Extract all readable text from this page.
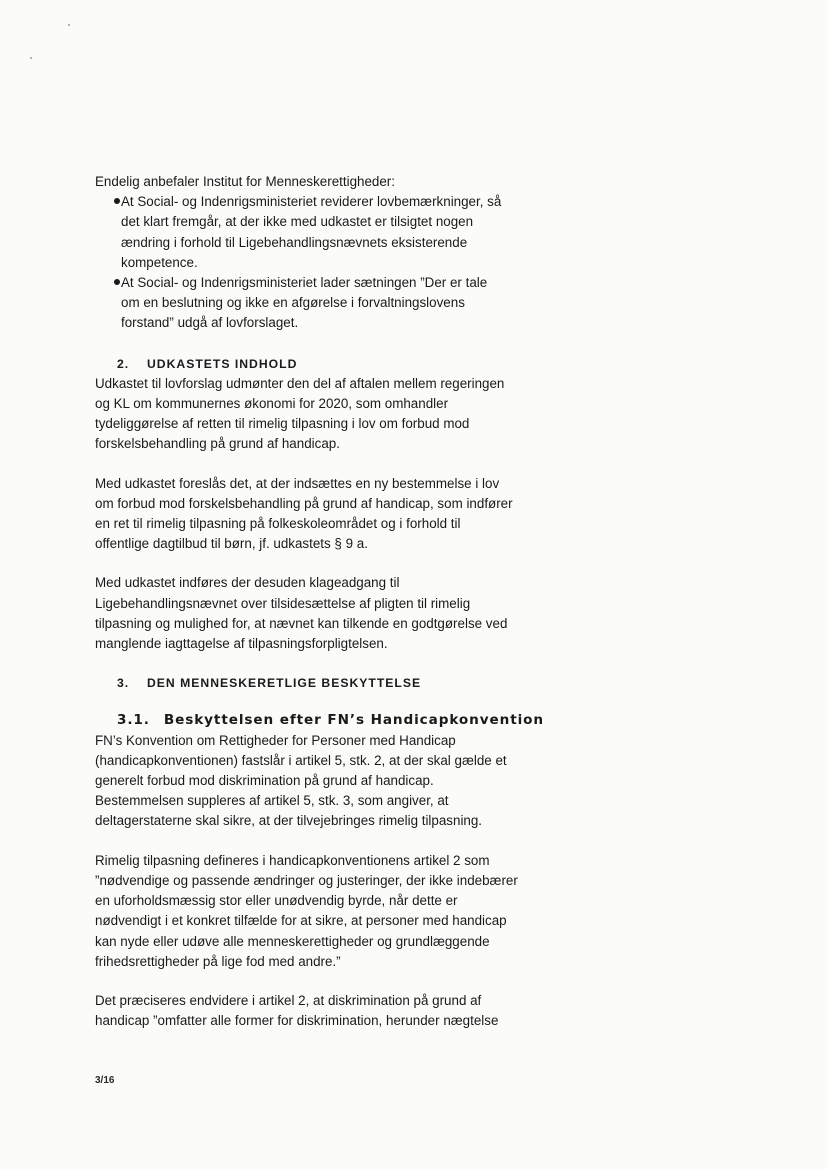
Endelig anbefaler Institut for Menneskerettigheder:

At Social- og Indenrigsministeriet reviderer lovbemærkninger, så
det klart fremgår, at der ikke med udkastet er tilsigtet nogen
ændring i forhold til Ligebehandlingsnævnets eksisterende
kompetence.
At Social- og Indenrigsministeriet lader sætningen ”Der er tale
om en beslutning og ikke en afgørelse i forvaltningslovens
forstand” udgå af lovforslaget.

2. UDKASTETS INDHOLD

Udkastet til lovforslag udmønter den del af aftalen mellem regeringen
og KL om kommunernes økonomi for 2020, som omhandler
tydeliggørelse af retten til rimelig tilpasning i lov om forbud mod
forskelsbehandling på grund af handicap.

Med udkastet foreslås det, at der indsættes en ny bestemmelse i lov
om forbud mod forskelsbehandling på grund af handicap, som indfører
en ret til rimelig tilpasning på folkeskoleområdet og i forhold til
offentlige dagtilbud til børn, jf. udkastets § 9 a.

Med udkastet indføres der desuden klageadgang til
Ligebehandlingsnævnet over tilsidesættelse af pligten til rimelig
tilpasning og mulighed for, at nævnet kan tilkende en godtgørelse ved
manglende iagttagelse af tilpasningsforpligtelsen.

3. DEN MENNESKERETLIGE BESKYTTELSE

3.1. Beskyttelsen efter FN’s Handicapkonvention

FN’s Konvention om Rettigheder for Personer med Handicap
(handicapkonventionen) fastslår i artikel 5, stk. 2, at der skal gælde et
generelt forbud mod diskrimination på grund af handicap.
Bestemmelsen suppleres af artikel 5, stk. 3, som angiver, at
deltagerstaterne skal sikre, at der tilvejebringes rimelig tilpasning.

Rimelig tilpasning defineres i handicapkonventionens artikel 2 som
”nødvendige og passende ændringer og justeringer, der ikke indebærer
en uforholdsmæssig stor eller unødvendig byrde, når dette er
nødvendigt i et konkret tilfælde for at sikre, at personer med handicap
kan nyde eller udøve alle menneskerettigheder og grundlæggende
frihedsrettigheder på lige fod med andre.”

Det præciseres endvidere i artikel 2, at diskrimination på grund af
handicap ”omfatter alle former for diskrimination, herunder nægtelse

3/16
